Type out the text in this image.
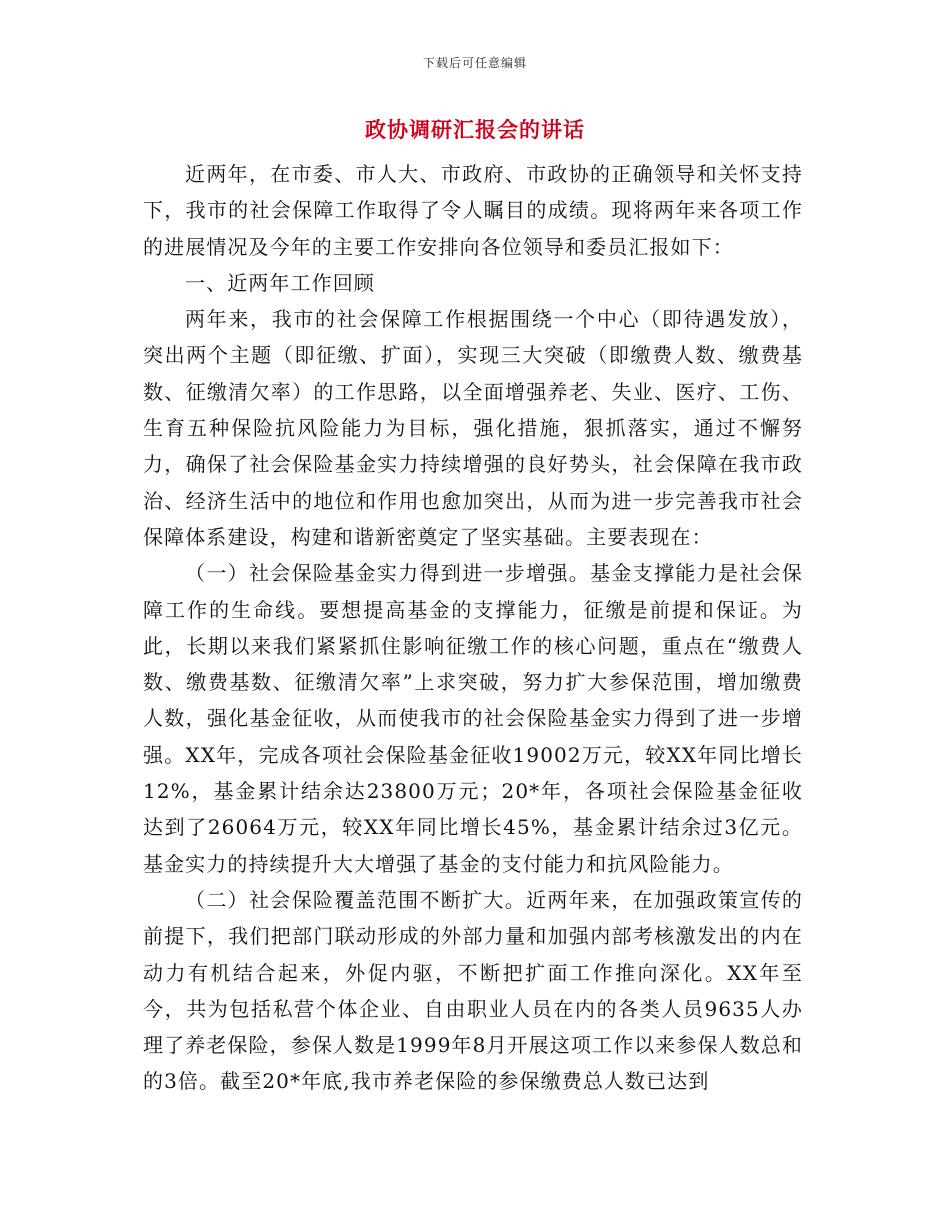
下载后可任意编辑
政协调研汇报会的讲话

近两年，在市委、市人大、市政府、市政协的正确领导和关怀支持下，我市的社会保障工作取得了令人瞩目的成绩。现将两年来各项工作的进展情况及今年的主要工作安排向各位领导和委员汇报如下：

一、近两年工作回顾

两年来，我市的社会保障工作根据围绕一个中心（即待遇发放），突出两个主题（即征缴、扩面），实现三大突破（即缴费人数、缴费基数、征缴清欠率）的工作思路，以全面增强养老、失业、医疗、工伤、生育五种保险抗风险能力为目标，强化措施，狠抓落实，通过不懈努力，确保了社会保险基金实力持续增强的良好势头，社会保障在我市政治、经济生活中的地位和作用也愈加突出，从而为进一步完善我市社会保障体系建设，构建和谐新密奠定了坚实基础。主要表现在：

（一）社会保险基金实力得到进一步增强。基金支撑能力是社会保障工作的生命线。要想提高基金的支撑能力，征缴是前提和保证。为此，长期以来我们紧紧抓住影响征缴工作的核心问题，重点在“缴费人数、缴费基数、征缴清欠率”上求突破，努力扩大参保范围，增加缴费人数，强化基金征收，从而使我市的社会保险基金实力得到了进一步增强。XX年，完成各项社会保险基金征收19002万元，较XX年同比增长12%，基金累计结余达23800万元；20*年，各项社会保险基金征收达到了26064万元，较XX年同比增长45%，基金累计结余过3亿元。基金实力的持续提升大大增强了基金的支付能力和抗风险能力。

（二）社会保险覆盖范围不断扩大。近两年来，在加强政策宣传的前提下，我们把部门联动形成的外部力量和加强内部考核激发出的内在动力有机结合起来，外促内驱，不断把扩面工作推向深化。XX年至今，共为包括私营个体企业、自由职业人员在内的各类人员9635人办理了养老保险，参保人数是1999年8月开展这项工作以来参保人数总和的3倍。截至20*年底,我市养老保险的参保缴费总人数已达到
